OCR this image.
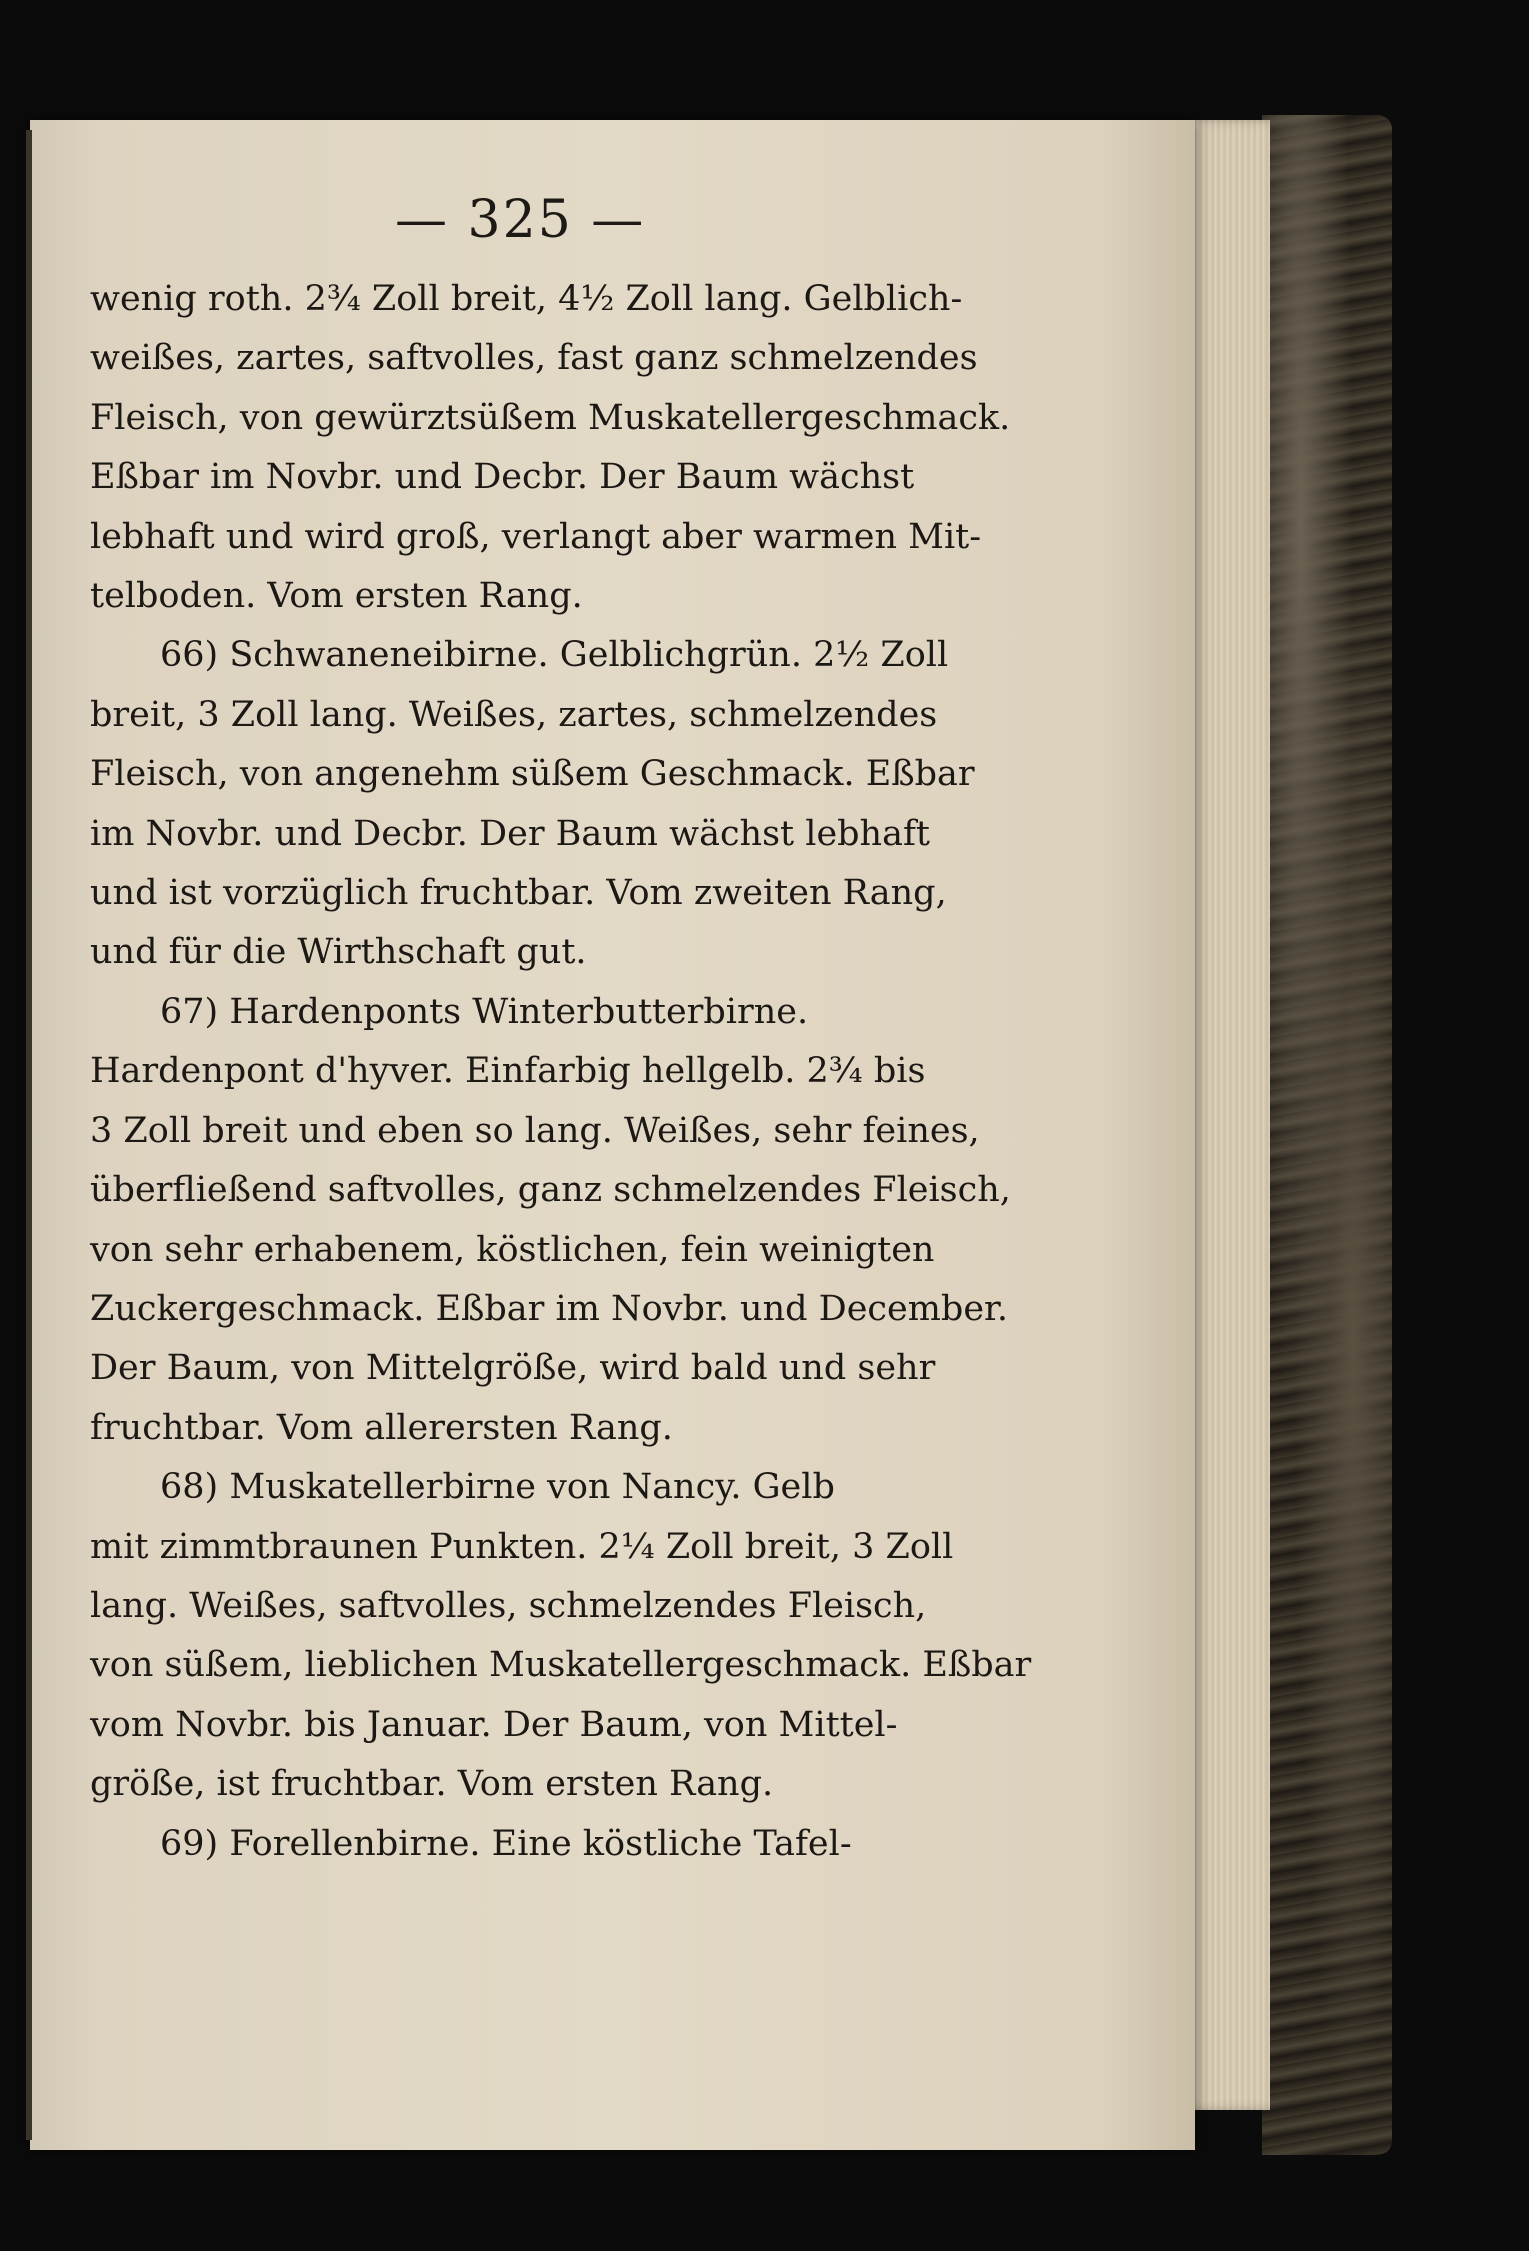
— 325 —
wenig roth. 2¾ Zoll breit, 4½ Zoll lang. Gelblich-
weißes, zartes, saftvolles, fast ganz schmelzendes
Fleisch, von gewürztsüßem Muskatellergeschmack.
Eßbar im Novbr. und Decbr. Der Baum wächst
lebhaft und wird groß, verlangt aber warmen Mit-
telboden. Vom ersten Rang.
66) Schwaneneibirne. Gelblichgrün. 2½ Zoll
breit, 3 Zoll lang. Weißes, zartes, schmelzendes
Fleisch, von angenehm süßem Geschmack. Eßbar
im Novbr. und Decbr. Der Baum wächst lebhaft
und ist vorzüglich fruchtbar. Vom zweiten Rang,
und für die Wirthschaft gut.
67) Hardenponts Winterbutterbirne.
Hardenpont d'hyver. Einfarbig hellgelb. 2¾ bis
3 Zoll breit und eben so lang. Weißes, sehr feines,
überfließend saftvolles, ganz schmelzendes Fleisch,
von sehr erhabenem, köstlichen, fein weinigten
Zuckergeschmack. Eßbar im Novbr. und December.
Der Baum, von Mittelgröße, wird bald und sehr
fruchtbar. Vom allerersten Rang.
68) Muskatellerbirne von Nancy. Gelb
mit zimmtbraunen Punkten. 2¼ Zoll breit, 3 Zoll
lang. Weißes, saftvolles, schmelzendes Fleisch,
von süßem, lieblichen Muskatellergeschmack. Eßbar
vom Novbr. bis Januar. Der Baum, von Mittel-
größe, ist fruchtbar. Vom ersten Rang.
69) Forellenbirne. Eine köstliche Tafel-
